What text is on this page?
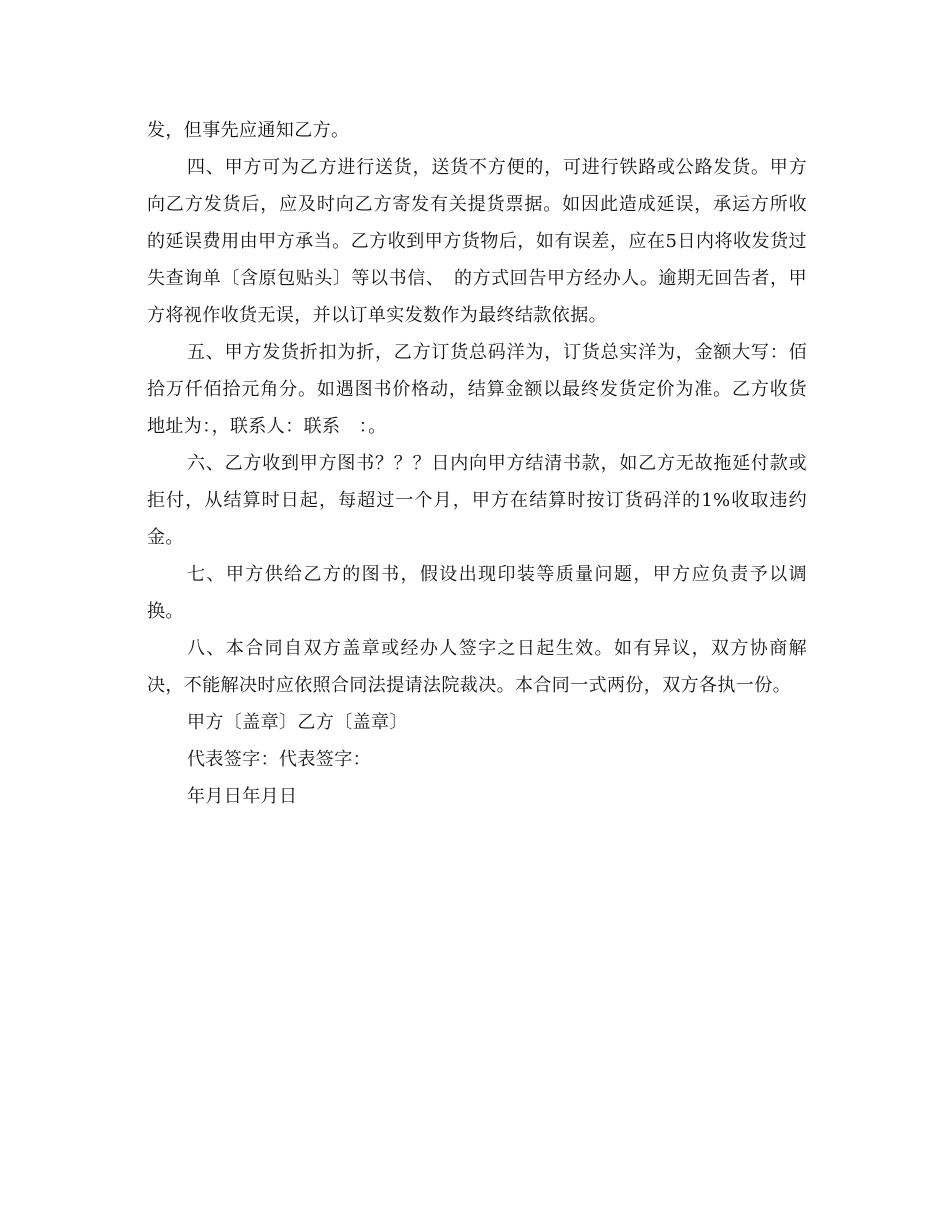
发，但事先应通知乙方。

四、甲方可为乙方进行送货，送货不方便的，可进行铁路或公路发货。甲方向乙方发货后，应及时向乙方寄发有关提货票据。如因此造成延误，承运方所收的延误费用由甲方承当。乙方收到甲方货物后，如有误差，应在5日内将收发货过失查询单〔含原包贴头〕等以书信、　的方式回告甲方经办人。逾期无回告者，甲方将视作收货无误，并以订单实发数作为最终结款依据。

五、甲方发货折扣为折，乙方订货总码洋为，订货总实洋为，金额大写：佰拾万仟佰拾元角分。如遇图书价格动，结算金额以最终发货定价为准。乙方收货地址为：，联系人：联系　：。

六、乙方收到甲方图书？？？日内向甲方结清书款，如乙方无故拖延付款或拒付，从结算时日起，每超过一个月，甲方在结算时按订货码洋的1%收取违约金。

七、甲方供给乙方的图书，假设出现印装等质量问题，甲方应负责予以调换。

八、本合同自双方盖章或经办人签字之日起生效。如有异议，双方协商解决，不能解决时应依照合同法提请法院裁决。本合同一式两份，双方各执一份。

甲方〔盖章〕乙方〔盖章〕

代表签字：代表签字：

年月日年月日
